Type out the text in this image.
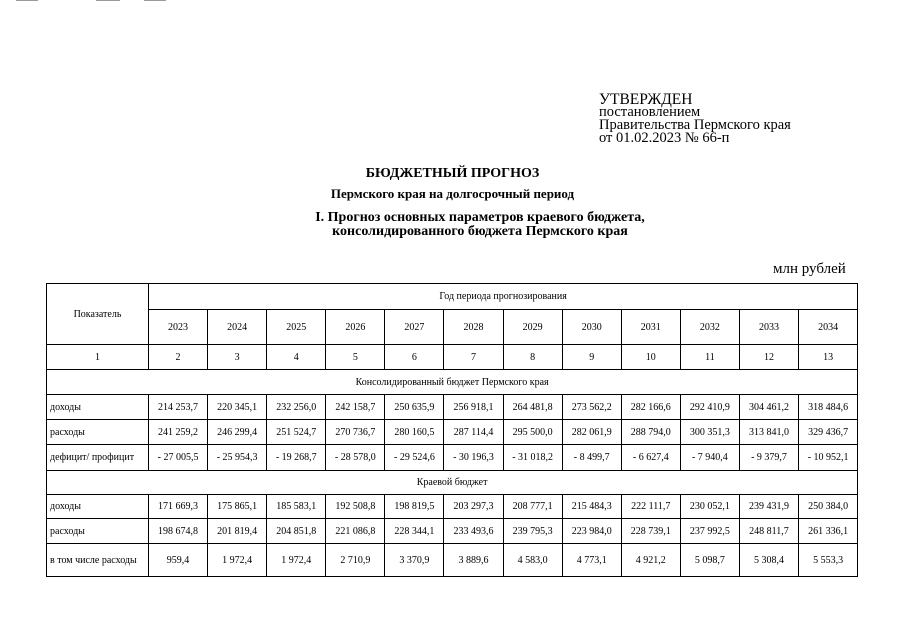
УТВЕРЖДЕН
постановлением
Правительства Пермского края
от 01.02.2023 № 66-п
БЮДЖЕТНЫЙ ПРОГНОЗ
Пермского края на долгосрочный период
I. Прогноз основных параметров краевого бюджета,
консолидированного бюджета Пермского края
млн рублей
Показатель	Год периода прогнозирования											
	2023	2024	2025	2026	2027	2028	2029	2030	2031	2032	2033	2034
1	2	3	4	5	6	7	8	9	10	11	12	13
Консолидированный бюджет Пермского края												
доходы	214 253,7	220 345,1	232 256,0	242 158,7	250 635,9	256 918,1	264 481,8	273 562,2	282 166,6	292 410,9	304 461,2	318 484,6
расходы	241 259,2	246 299,4	251 524,7	270 736,7	280 160,5	287 114,4	295 500,0	282 061,9	288 794,0	300 351,3	313 841,0	329 436,7
дефицит/ профицит	- 27 005,5	- 25 954,3	- 19 268,7	- 28 578,0	- 29 524,6	- 30 196,3	- 31 018,2	- 8 499,7	- 6 627,4	- 7 940,4	- 9 379,7	- 10 952,1
Краевой бюджет												
доходы	171 669,3	175 865,1	185 583,1	192 508,8	198 819,5	203 297,3	208 777,1	215 484,3	222 111,7	230 052,1	239 431,9	250 384,0
расходы	198 674,8	201 819,4	204 851,8	221 086,8	228 344,1	233 493,6	239 795,3	223 984,0	228 739,1	237 992,5	248 811,7	261 336,1
в том числе расходы	959,4	1 972,4	1 972,4	2 710,9	3 370,9	3 889,6	4 583,0	4 773,1	4 921,2	5 098,7	5 308,4	5 553,3
